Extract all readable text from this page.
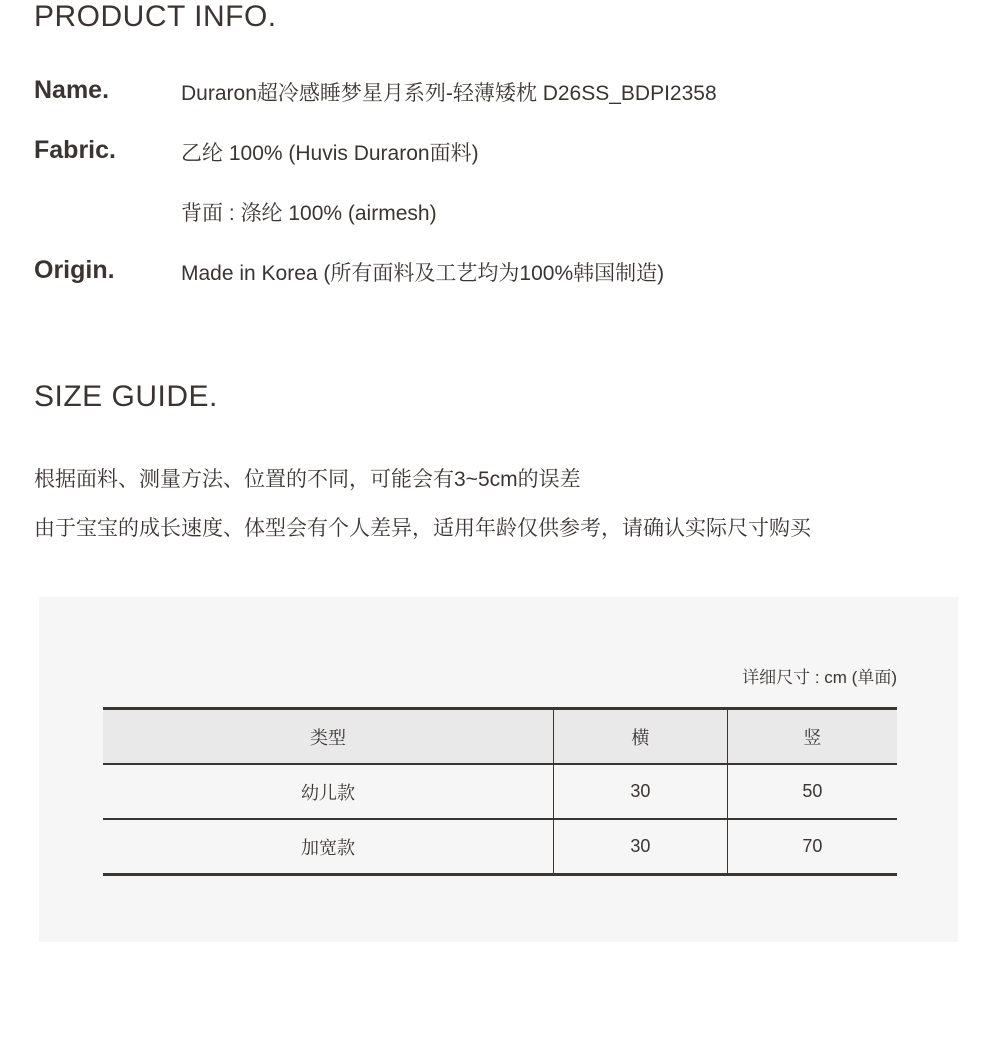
PRODUCT INFO.
Name.	Duraron超冷感睡梦星月系列-轻薄矮枕 D26SS_BDPI2358
Fabric.	乙纶 100% (Huvis Duraron面料)
背面 : 涤纶 100% (airmesh)
Origin.	Made in Korea (所有面料及工艺均为100%韩国制造)
SIZE GUIDE.
根据面料、测量方法、位置的不同，可能会有3~5cm的误差
由于宝宝的成长速度、体型会有个人差异，适用年龄仅供参考，请确认实际尺寸购买
详细尺寸 : cm (单面)
类型	横	竖
幼儿款	30	50
加宽款	30	70
